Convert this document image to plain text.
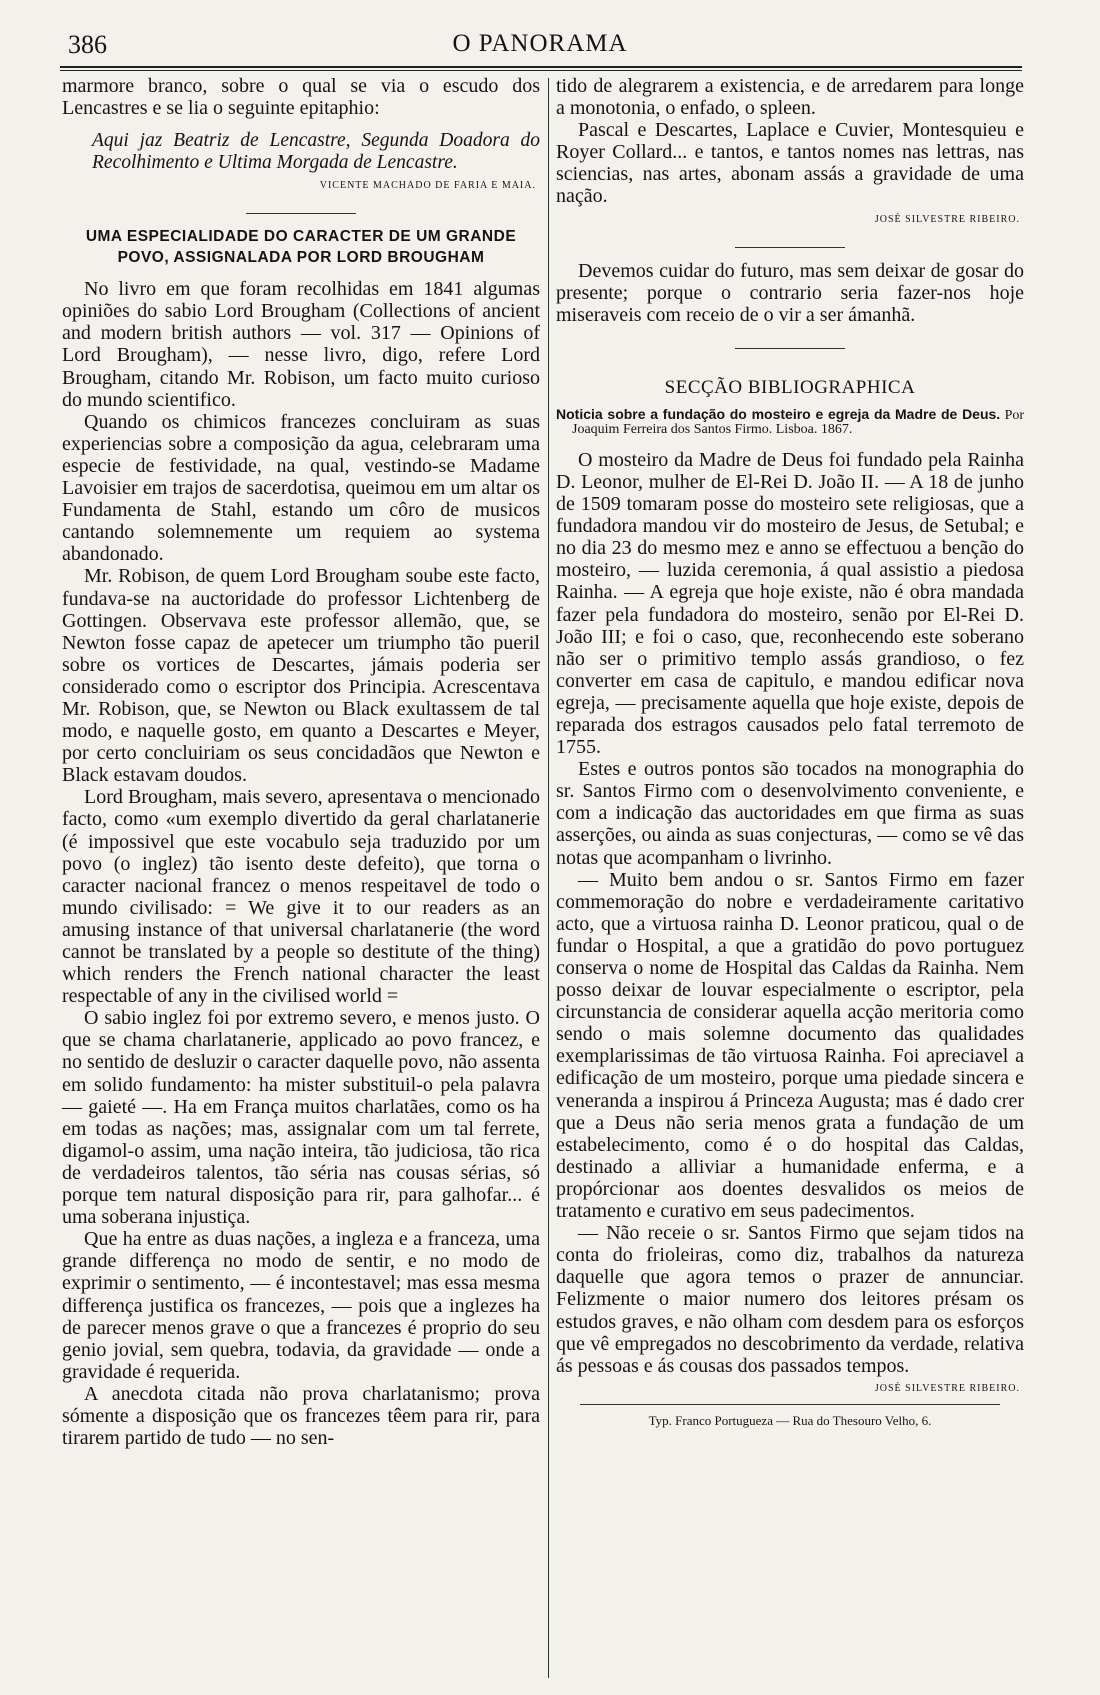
386	O PANORAMA

marmore branco, sobre o qual se via o escudo dos Lencastres e se lia o seguinte epitaphio:

Aqui jaz Beatriz de Lencastre, Segunda Doadora do Recolhimento e Ultima Morgada de Lencastre.

VICENTE MACHADO DE FARIA E MAIA.
UMA ESPECIALIDADE DO CARACTER DE UM GRANDE POVO, ASSIGNALADA POR LORD BROUGHAM

No livro em que foram recolhidas em 1841 algumas opiniões do sabio Lord Brougham (Collections of ancient and modern british authors — vol. 317 — Opinions of Lord Brougham), — nesse livro, digo, refere Lord Brougham, citando Mr. Robison, um facto muito curioso do mundo scientifico.

Quando os chimicos francezes concluiram as suas experiencias sobre a composição da agua, celebraram uma especie de festividade, na qual, vestindo-se Madame Lavoisier em trajos de sacerdotisa, queimou em um altar os Fundamenta de Stahl, estando um côro de musicos cantando solemnemente um requiem ao systema abandonado.

Mr. Robison, de quem Lord Brougham soube este facto, fundava-se na auctoridade do professor Lichtenberg de Gottingen. Observava este professor allemão, que, se Newton fosse capaz de apetecer um triumpho tão pueril sobre os vortices de Descartes, jámais poderia ser considerado como o escriptor dos Principia. Acrescentava Mr. Robison, que, se Newton ou Black exultassem de tal modo, e naquelle gosto, em quanto a Descartes e Meyer, por certo concluiriam os seus concidadãos que Newton e Black estavam doudos.

Lord Brougham, mais severo, apresentava o mencionado facto, como «um exemplo divertido da geral charlatanerie (é impossivel que este vocabulo seja traduzido por um povo (o inglez) tão isento deste defeito), que torna o caracter nacional francez o menos respeitavel de todo o mundo civilisado: = We give it to our readers as an amusing instance of that universal charlatanerie (the word cannot be translated by a people so destitute of the thing) which renders the French national character the least respectable of any in the civilised world =

O sabio inglez foi por extremo severo, e menos justo. O que se chama charlatanerie, applicado ao povo francez, e no sentido de desluzir o caracter daquelle povo, não assenta em solido fundamento: ha mister substituil-o pela palavra — gaieté —. Ha em França muitos charlatães, como os ha em todas as nações; mas, assignalar com um tal ferrete, digamol-o assim, uma nação inteira, tão judiciosa, tão rica de verdadeiros talentos, tão séria nas cousas sérias, só porque tem natural disposição para rir, para galhofar... é uma soberana injustiça.

Que ha entre as duas nações, a ingleza e a franceza, uma grande differença no modo de sentir, e no modo de exprimir o sentimento, — é incontestavel; mas essa mesma differença justifica os francezes, — pois que a inglezes ha de parecer menos grave o que a francezes é proprio do seu genio jovial, sem quebra, todavia, da gravidade — onde a gravidade é requerida.

A anecdota citada não prova charlatanismo; prova sómente a disposição que os francezes têem para rir, para tirarem partido de tudo — no sen-

tido de alegrarem a existencia, e de arredarem para longe a monotonia, o enfado, o spleen.

Pascal e Descartes, Laplace e Cuvier, Montesquieu e Royer Collard... e tantos, e tantos nomes nas lettras, nas sciencias, nas artes, abonam assás a gravidade de uma nação.

JOSÉ SILVESTRE RIBEIRO.

Devemos cuidar do futuro, mas sem deixar de gosar do presente; porque o contrario seria fazer-nos hoje miseraveis com receio de o vir a ser ámanhã.

SECÇÃO BIBLIOGRAPHICA

Noticia sobre a fundação do mosteiro e egreja da Madre de Deus. Por Joaquim Ferreira dos Santos Firmo. Lisboa. 1867.

O mosteiro da Madre de Deus foi fundado pela Rainha D. Leonor, mulher de El-Rei D. João II. — A 18 de junho de 1509 tomaram posse do mosteiro sete religiosas, que a fundadora mandou vir do mosteiro de Jesus, de Setubal; e no dia 23 do mesmo mez e anno se effectuou a benção do mosteiro, — luzida ceremonia, á qual assistio a piedosa Rainha. — A egreja que hoje existe, não é obra mandada fazer pela fundadora do mosteiro, senão por El-Rei D. João III; e foi o caso, que, reconhecendo este soberano não ser o primitivo templo assás grandioso, o fez converter em casa de capitulo, e mandou edificar nova egreja, — precisamente aquella que hoje existe, depois de reparada dos estragos causados pelo fatal terremoto de 1755.

Estes e outros pontos são tocados na monographia do sr. Santos Firmo com o desenvolvimento conveniente, e com a indicação das auctoridades em que firma as suas asserções, ou ainda as suas conjecturas, — como se vê das notas que acompanham o livrinho.

— Muito bem andou o sr. Santos Firmo em fazer commemoração do nobre e verdadeiramente caritativo acto, que a virtuosa rainha D. Leonor praticou, qual o de fundar o Hospital, a que a gratidão do povo portuguez conserva o nome de Hospital das Caldas da Rainha. Nem posso deixar de louvar especialmente o escriptor, pela circunstancia de considerar aquella acção meritoria como sendo o mais solemne documento das qualidades exemplarissimas de tão virtuosa Rainha. Foi apreciavel a edificação de um mosteiro, porque uma piedade sincera e veneranda a inspirou á Princeza Augusta; mas é dado crer que a Deus não seria menos grata a fundação de um estabelecimento, como é o do hospital das Caldas, destinado a alliviar a humanidade enferma, e a propórcionar aos doentes desvalidos os meios de tratamento e curativo em seus padecimentos.

— Não receie o sr. Santos Firmo que sejam tidos na conta do frioleiras, como diz, trabalhos da natureza daquelle que agora temos o prazer de annunciar. Felizmente o maior numero dos leitores présam os estudos graves, e não olham com desdem para os esforços que vê empregados no descobrimento da verdade, relativa ás pessoas e ás cousas dos passados tempos.

JOSÉ SILVESTRE RIBEIRO.
Typ. Franco Portugueza — Rua do Thesouro Velho, 6.
